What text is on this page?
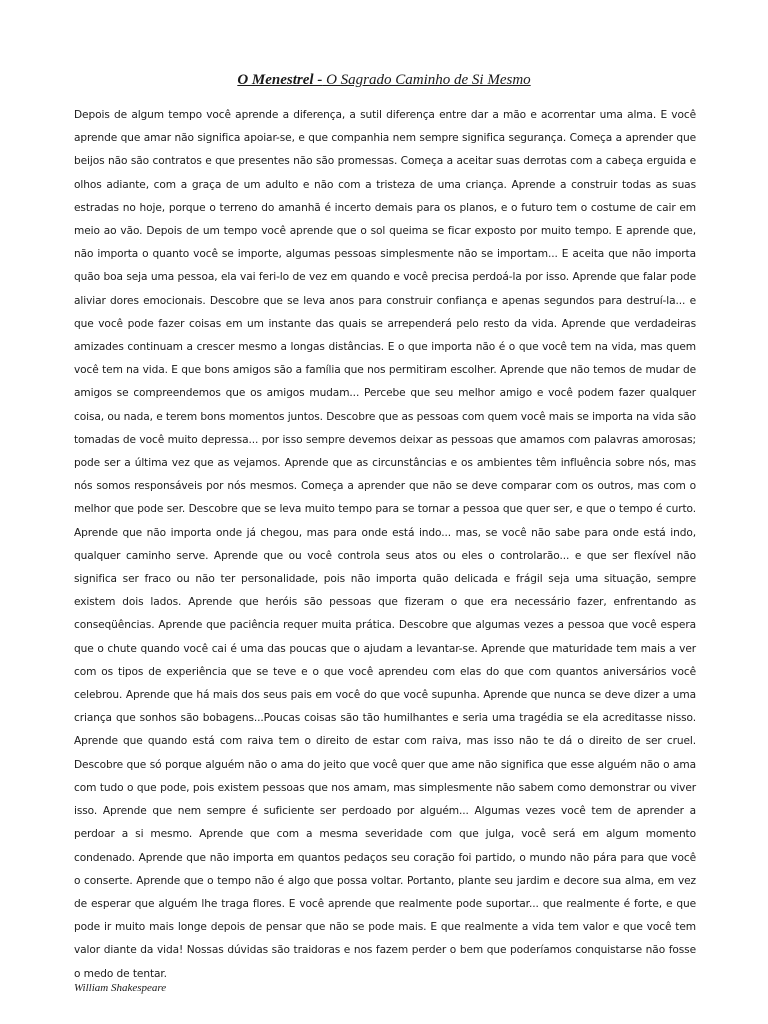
O Menestrel - O Sagrado Caminho de Si Mesmo

Depois de algum tempo você aprende a diferença, a sutil diferença entre dar a mão e acorrentar uma alma. E você aprende que amar não significa apoiar-se, e que companhia nem sempre significa segurança. Começa a aprender que beijos não são contratos e que presentes não são promessas. Começa a aceitar suas derrotas com a cabeça erguida e olhos adiante, com a graça de um adulto e não com a tristeza de uma criança. Aprende a construir todas as suas estradas no hoje, porque o terreno do amanhã é incerto demais para os planos, e o futuro tem o costume de cair em meio ao vão. Depois de um tempo você aprende que o sol queima se ficar exposto por muito tempo. E aprende que, não importa o quanto você se importe, algumas pessoas simplesmente não se importam... E aceita que não importa quão boa seja uma pessoa, ela vai feri-lo de vez em quando e você precisa perdoá-la por isso. Aprende que falar pode aliviar dores emocionais. Descobre que se leva anos para construir confiança e apenas segundos para destruí-la... e que você pode fazer coisas em um instante das quais se arrependerá pelo resto da vida. Aprende que verdadeiras amizades continuam a crescer mesmo a longas distâncias. E o que importa não é o que você tem na vida, mas quem você tem na vida. E que bons amigos são a família que nos permitiram escolher. Aprende que não temos de mudar de amigos se compreendemos que os amigos mudam... Percebe que seu melhor amigo e você podem fazer qualquer coisa, ou nada, e terem bons momentos juntos. Descobre que as pessoas com quem você mais se importa na vida são tomadas de você muito depressa... por isso sempre devemos deixar as pessoas que amamos com palavras amorosas; pode ser a última vez que as vejamos. Aprende que as circunstâncias e os ambientes têm influência sobre nós, mas nós somos responsáveis por nós mesmos. Começa a aprender que não se deve comparar com os outros, mas com o melhor que pode ser. Descobre que se leva muito tempo para se tornar a pessoa que quer ser, e que o tempo é curto. Aprende que não importa onde já chegou, mas para onde está indo... mas, se você não sabe para onde está indo, qualquer caminho serve. Aprende que ou você controla seus atos ou eles o controlarão... e que ser flexível não significa ser fraco ou não ter personalidade, pois não importa quão delicada e frágil seja uma situação, sempre existem dois lados. Aprende que heróis são pessoas que fizeram o que era necessário fazer, enfrentando as conseqüências. Aprende que paciência requer muita prática. Descobre que algumas vezes a pessoa que você espera que o chute quando você cai é uma das poucas que o ajudam a levantar-se. Aprende que maturidade tem mais a ver com os tipos de experiência que se teve e o que você aprendeu com elas do que com quantos aniversários você celebrou. Aprende que há mais dos seus pais em você do que você supunha. Aprende que nunca se deve dizer a uma criança que sonhos são bobagens...Poucas coisas são tão humilhantes e seria uma tragédia se ela acreditasse nisso. Aprende que quando está com raiva tem o direito de estar com raiva, mas isso não te dá o direito de ser cruel. Descobre que só porque alguém não o ama do jeito que você quer que ame não significa que esse alguém não o ama com tudo o que pode, pois existem pessoas que nos amam, mas simplesmente não sabem como demonstrar ou viver isso. Aprende que nem sempre é suficiente ser perdoado por alguém... Algumas vezes você tem de aprender a perdoar a si mesmo. Aprende que com a mesma severidade com que julga, você será em algum momento condenado. Aprende que não importa em quantos pedaços seu coração foi partido, o mundo não pára para que você o conserte. Aprende que o tempo não é algo que possa voltar. Portanto, plante seu jardim e decore sua alma, em vez de esperar que alguém lhe traga flores. E você aprende que realmente pode suportar... que realmente é forte, e que pode ir muito mais longe depois de pensar que não se pode mais. E que realmente a vida tem valor e que você tem valor diante da vida! Nossas dúvidas são traidoras e nos fazem perder o bem que poderíamos conquistarse não fosse o medo de tentar.

William Shakespeare
